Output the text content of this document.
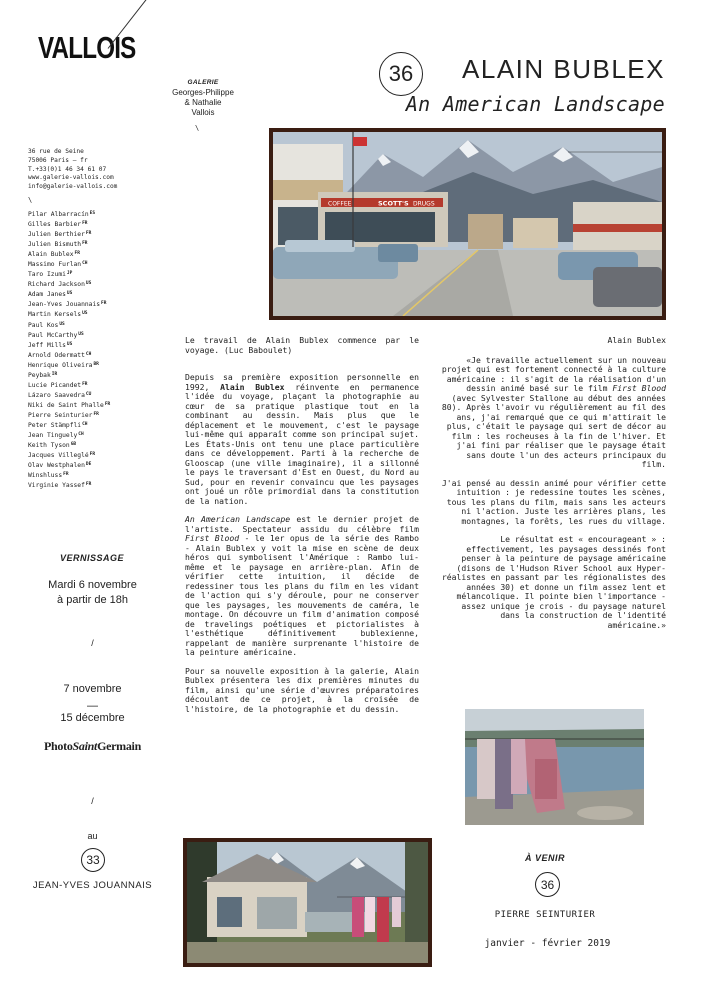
VALLOIS
GALERIE
Georges-Philippe
& Nathalie
Vallois
\
36 rue de Seine
75006 Paris — fr
T.+33(0)1 46 34 61 07
www.galerie-vallois.com
info@galerie-vallois.com
\
Pilar Albarracín$^{ES}$
Gilles Barbier$^{FR}$
Julien Berthier$^{FR}$
Julien Bismuth$^{FR}$
Alain Bublex$^{FR}$
Massimo Furlan$^{CH}$
Taro Izumi$^{JP}$
Richard Jackson$^{US}$
Adam Janes$^{US}$
Jean-Yves Jouannais$^{FR}$
Martin Kersels$^{US}$
Paul Kos$^{US}$
Paul McCarthy$^{US}$
Jeff Mills$^{US}$
Arnold Odermatt$^{CH}$
Henrique Oliveira$^{BR}$
Peybak$^{IR}$
Lucie Picandet$^{FR}$
Lázaro Saavedra$^{CU}$
Niki de Saint Phalle$^{FR}$
Pierre Seinturier$^{FR}$
Peter Stämpfli$^{CH}$
Jean Tinguely$^{CH}$
Keith Tyson$^{GB}$
Jacques Villeglé$^{FR}$
Olav Westphalen$^{DE}$
Winshluss$^{FR}$
Virginie Yassef$^{FR}$
VERNISSAGE
Mardi 6 novembre
à partir de 18h
/
7 novembre
—
15 décembre
PhotoSaintGermain
/
au
33
JEAN-YVES JOUANNAIS
36	ALAIN BUBLEX
An American Landscape
COFFEE	SCOTT'S DRUGS

Le travail de Alain Bublex commence par le voyage. (Luc Baboulet)

Depuis sa première exposition personnelle en 1992, Alain Bublex réinvente en permanence l'idée du voyage, plaçant la photographie au cœur de sa pratique plastique tout en la combinant au dessin. Mais plus que le déplacement et le mouvement, c'est le paysage lui-même qui apparaît comme son principal sujet. Les États-Unis ont tenu une place particulière dans ce développement. Parti à la recherche de Glooscap (une ville imaginaire), il a sillonné le pays le traversant d'Est en Ouest, du Nord au Sud, pour en revenir convaincu que les paysages ont joué un rôle primordial dans la constitution de la nation.

An American Landscape est le dernier projet de l'artiste. Spectateur assidu du célèbre film First Blood - le 1er opus de la série des Rambo - Alain Bublex y voit la mise en scène de deux héros qui symbolisent l'Amérique : Rambo lui-même et le paysage en arrière-plan. Afin de vérifier cette intuition, il décide de redessiner tous les plans du film en les vidant de l'action qui s'y déroule, pour ne conserver que les paysages, les mouvements de caméra, le montage. On découvre un film d'animation composé de travelings poétiques et pictorialistes à l'esthétique définitivement bublexienne, rappelant de manière surprenante l'histoire de la peinture américaine.

Pour sa nouvelle exposition à la galerie, Alain Bublex présentera les dix premières minutes du film, ainsi qu'une série d'œuvres préparatoires découlant de ce projet, à la croisée de l'histoire, de la photographie et du dessin.

Alain Bublex

«Je travaille actuellement sur un nouveau projet qui est fortement connecté à la culture américaine : il s'agit de la réalisation d'un dessin animé basé sur le film First Blood (avec Sylvester Stallone au début des années 80). Après l'avoir vu régulièrement au fil des ans, j'ai remarqué que ce qui m'attirait le plus, c'était le paysage qui sert de décor au film : les rocheuses à la fin de l'hiver. Et j'ai fini par réaliser que le paysage était sans doute l'un des acteurs principaux du film.

J'ai pensé au dessin animé pour vérifier cette intuition : je redessine toutes les scènes, tous les plans du film, mais sans les acteurs ni l'action. Juste les arrières plans, les montagnes, la forêts, les rues du village.

Le résultat est « encourageant » : effectivement, les paysages dessinés font penser à la peinture de paysage américaine (disons de l'Hudson River School aux Hyper-réalistes en passant par les régionalistes des années 30) et donne un film assez lent et mélancolique. Il pointe bien l'importance - assez unique je crois - du paysage naturel dans la construction de l'identité américaine.»

À VENIR
36
PIERRE SEINTURIER
janvier - février 2019
